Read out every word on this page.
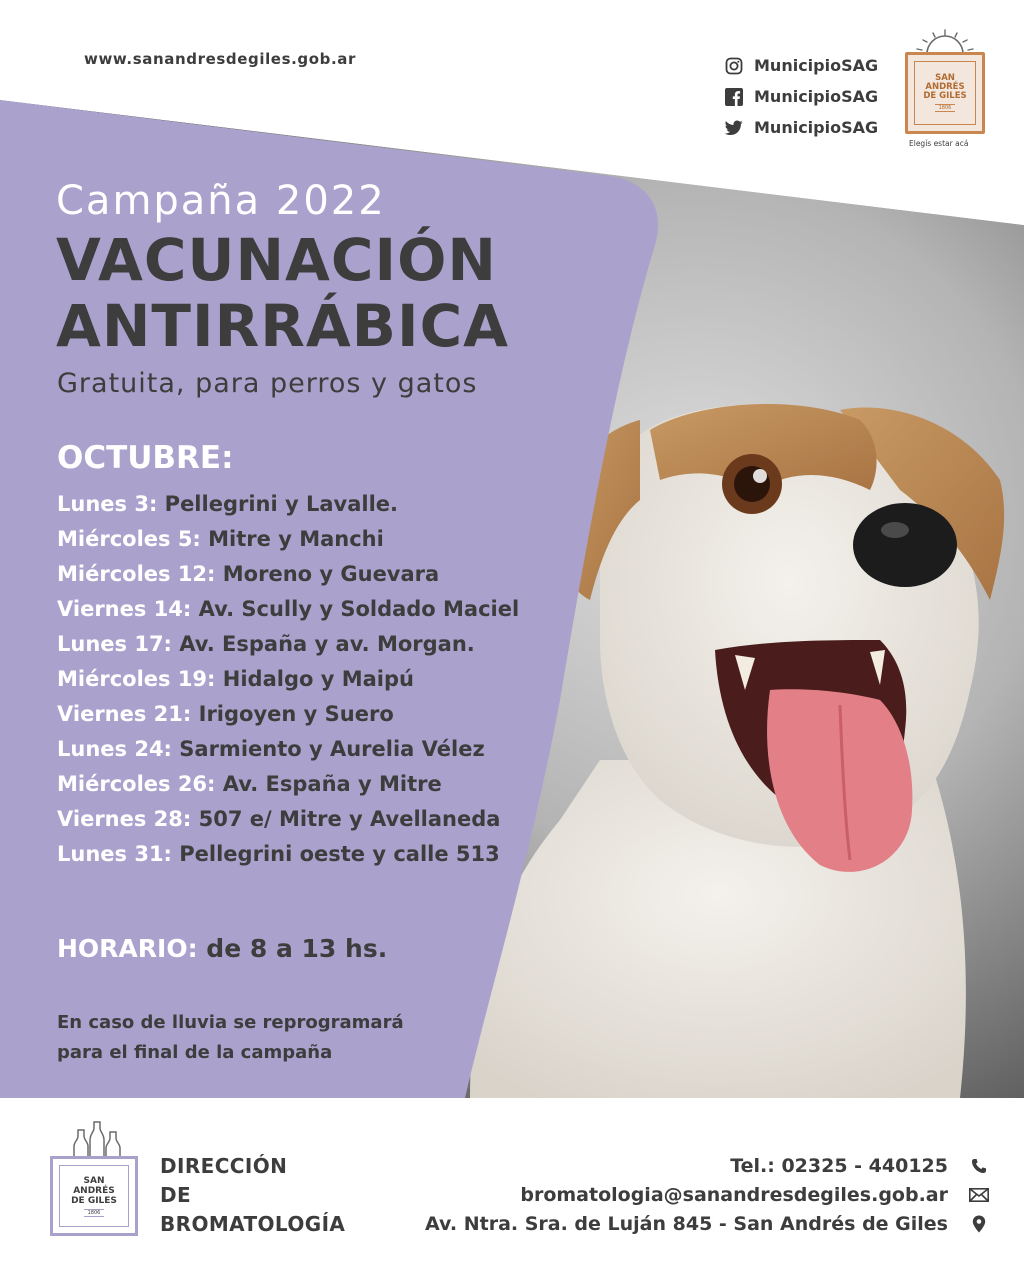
www.sanandresdegiles.gob.ar	MunicipioSAG
MunicipioSAG
MunicipioSAG
SAN
ANDRÉS
DE GILES
1806
Elegís estar acá
Campaña 2022
VACUNACIÓN
ANTIRRÁBICA
Gratuita, para perros y gatos
OCTUBRE:
Lunes 3: Pellegrini y Lavalle.
Miércoles 5: Mitre y Manchi
Miércoles 12: Moreno y Guevara
Viernes 14: Av. Scully y Soldado Maciel
Lunes 17: Av. España y av. Morgan.
Miércoles 19: Hidalgo y Maipú
Viernes 21: Irigoyen y Suero
Lunes 24: Sarmiento y Aurelia Vélez
Miércoles 26: Av. España y Mitre
Viernes 28: 507 e/ Mitre y Avellaneda
Lunes 31: Pellegrini oeste y calle 513
HORARIO: de 8 a 13 hs.
En caso de lluvia se reprogramará
para el final de la campaña
SAN
ANDRÉS
DE GILES
1806
DIRECCIÓN
DE
BROMATOLOGÍA
Tel.: 02325 - 440125
bromatologia@sanandresdegiles.gob.ar
Av. Ntra. Sra. de Luján 845 - San Andrés de Giles
